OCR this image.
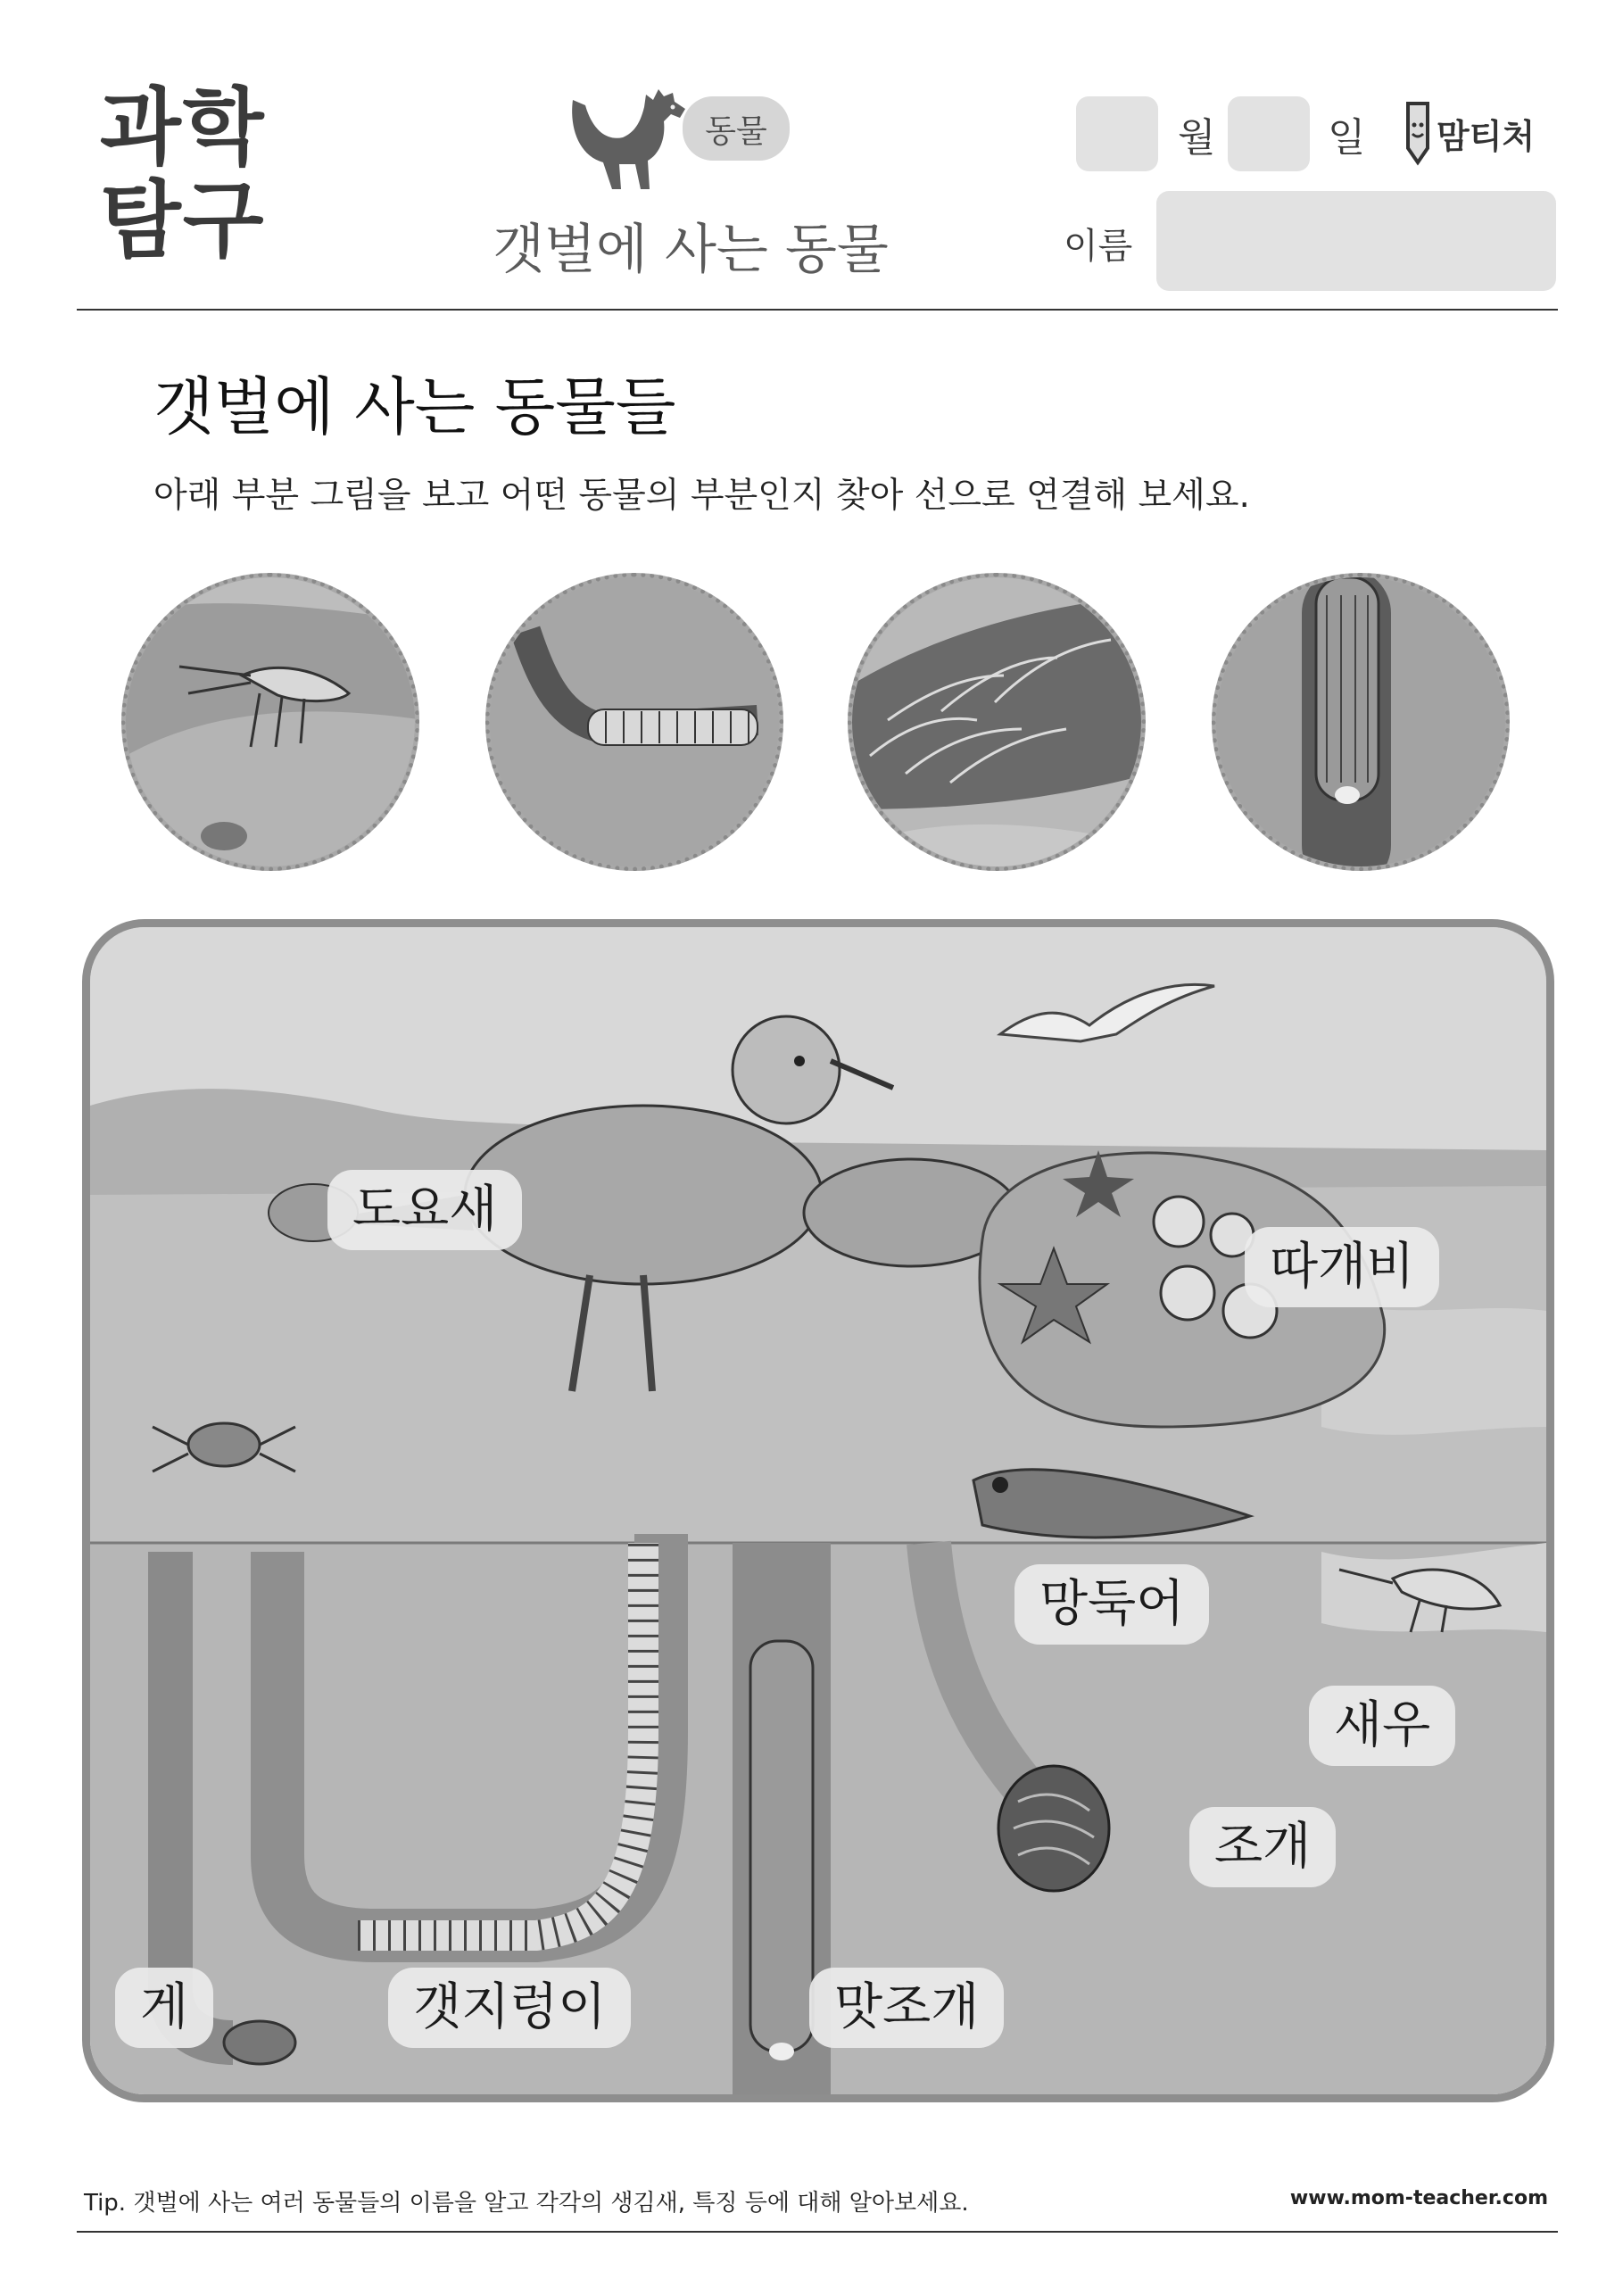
과학
탐구
동물
갯벌에 사는 동물
월	일 맘티처
이름
갯벌에 사는 동물들
아래 부분 그림을 보고 어떤 동물의 부분인지 찾아 선으로 연결해 보세요.
도요새
따개비
망둑어
새우
조개
게	갯지렁이	맛조개
Tip. 갯벌에 사는 여러 동물들의 이름을 알고 각각의 생김새, 특징 등에 대해 알아보세요.	www.mom-teacher.com
